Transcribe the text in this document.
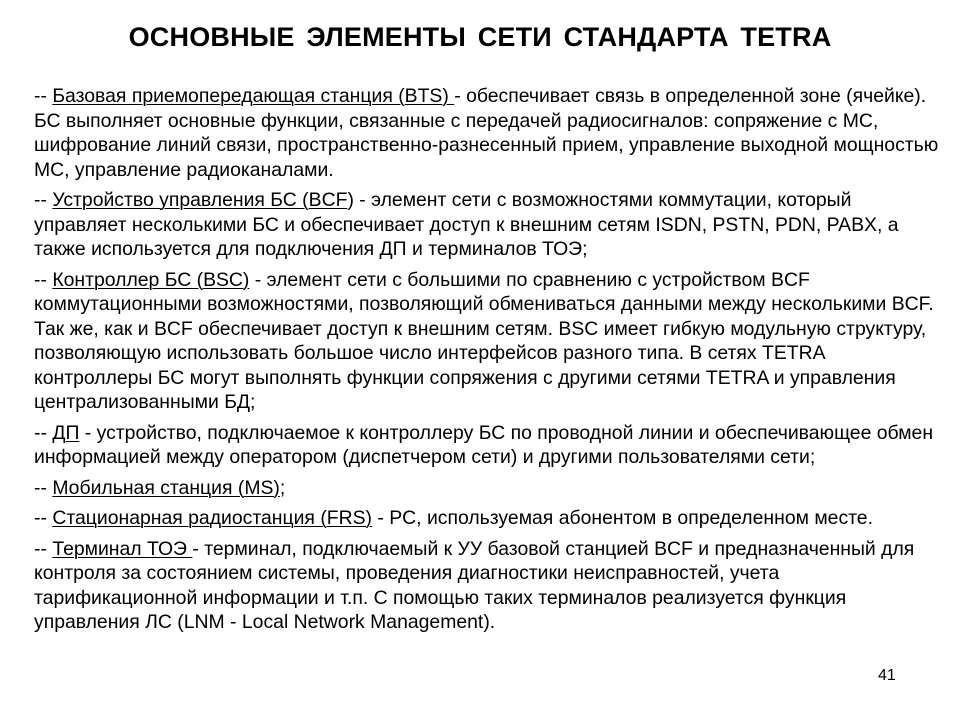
ОСНОВНЫЕ ЭЛЕМЕНТЫ СЕТИ СТАНДАРТА TETRA

-- Базовая приемопередающая станция (BTS) - обеспечивает связь в определенной зоне (ячейке). БС выполняет основные функции, связанные с передачей радиосигналов: сопряжение с МС, шифрование линий связи, пространственно-разнесенный прием, управление выходной мощностью МС, управление радиоканалами.

-- Устройство управления БС (BCF) - элемент сети с возможностями коммутации, который управляет несколькими БС и обеспечивает доступ к внешним сетям ISDN, PSTN, PDN, PABX, а также используется для подключения ДП и терминалов ТОЭ;

-- Контроллер БС (BSC) - элемент сети с большими по сравнению с устройством BCF коммутационными возможностями, позволяющий обмениваться данными между несколькими BCF. Так же, как и BCF обеспечивает доступ к внешним сетям. BSC имеет гибкую модульную структуру, позволяющую использовать большое число интерфейсов разного типа. В сетях TETRA контроллеры БС могут выполнять функции сопряжения с другими сетями TETRA и управления централизованными БД;

-- ДП - устройство, подключаемое к контроллеру БС по проводной линии и обеспечивающее обмен информацией между оператором (диспетчером сети) и другими пользователями сети;

-- Мобильная станция (MS);

-- Стационарная радиостанция (FRS) - PC, используемая абонентом в определенном месте.

-- Терминал ТОЭ - терминал, подключаемый к УУ базовой станцией BCF и предназначенный для контроля за состоянием системы, проведения диагностики неисправностей, учета тарификационной информации и т.п. С помощью таких терминалов реализуется функция управления ЛС (LNM - Local Network Management).

41
